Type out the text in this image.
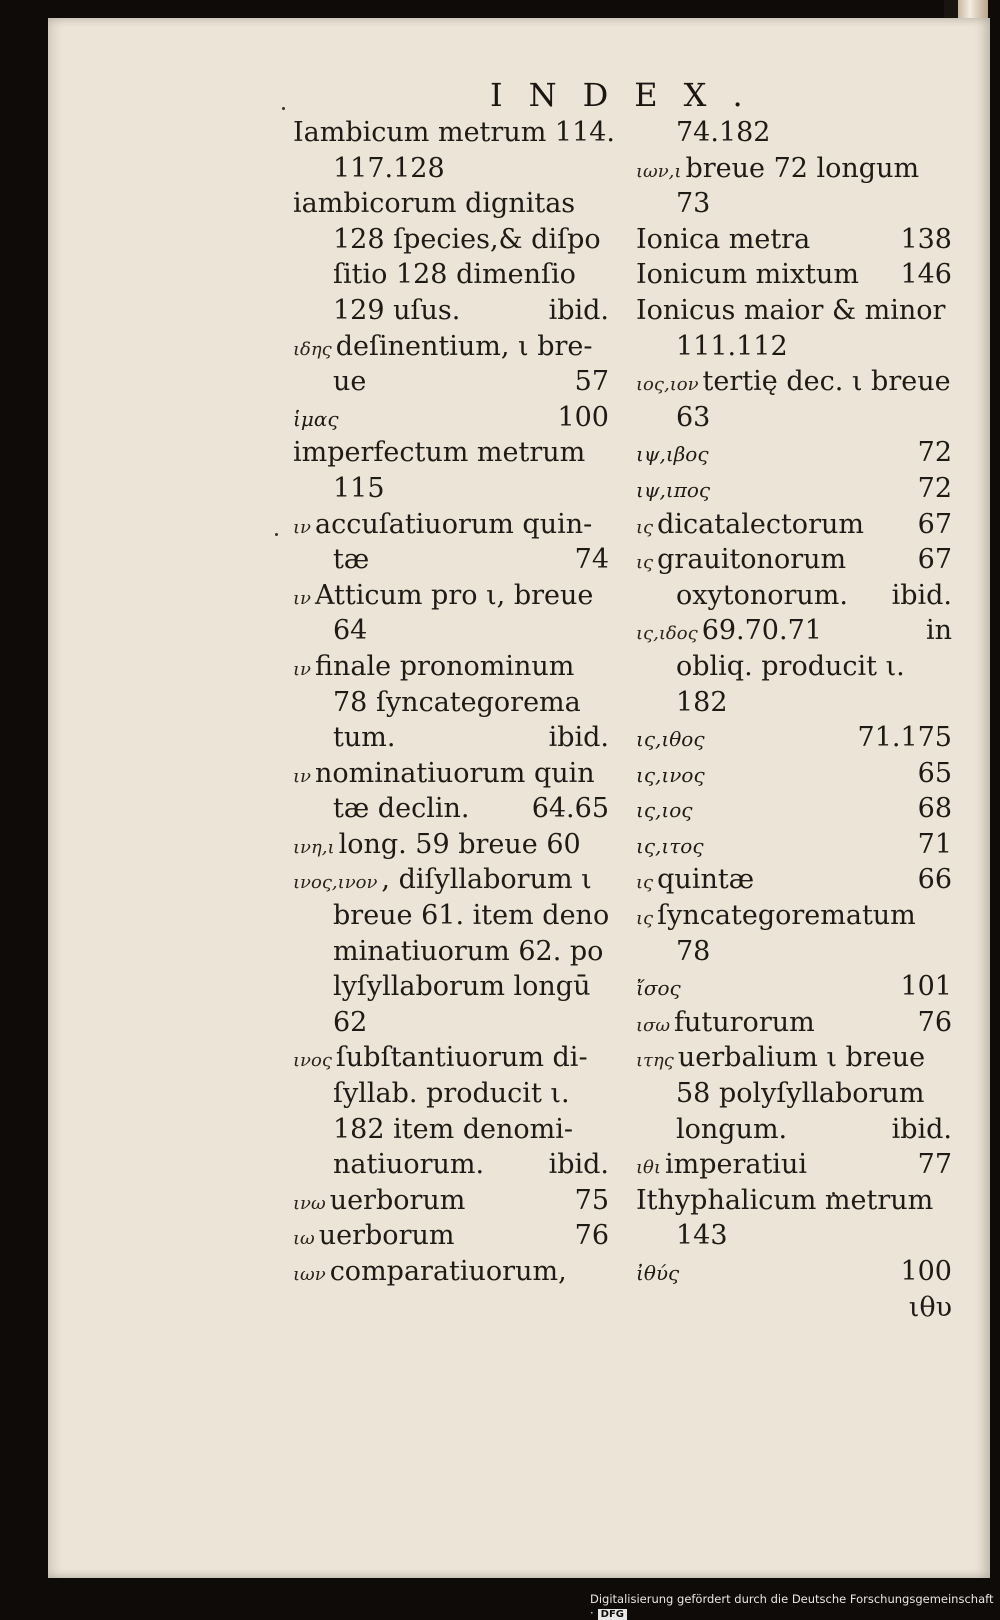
INDEX.
Iambicum metrum 114.
117.128
iambicorum dignitas
128 ſpecies,& diſpo
ſitio 128 dimenſio
129 uſus.	ibid.
ιδης deſinentium, ι bre-
ue	57
ἱμας	100
imperfectum metrum
115
ιν accuſatiuorum quin-
tæ	74
ιν Atticum pro ι, breue
64
ιν finale pronominum
78 ſyncategorema
tum.	ibid.
ιν nominatiuorum quin
tæ declin. 64.65
ινη,ι long. 59 breue 60
ινος,ινον , diſyllaborum ι
breue 61. item deno
minatiuorum 62. po
lyſyllaborum longū
62
ινος ſubſtantiuorum di-
ſyllab. producit ι.
182 item denomi-
natiuorum. ibid.
ινω uerborum	75
ιω uerborum	76
ιων comparatiuorum,
74.182
ιων,ι breue 72 longum
73
Ionica metra	138
Ionicum mixtum 146
Ionicus maior & minor
111.112
ιος,ιον tertię dec. ι breue
63
ιψ,ιβος	72
ιψ,ιπος	72
ις dicatalectorum 67
ις grauitonorum	67
oxytonorum. ibid.
ις,ιδος 69.70.71	in
obliq. producit ι.
182
ις,ιθος	71.175
ις,ινος	65
ις,ιος	68
ις,ιτος	71
ις quintæ	66
ις ſyncategorematum
78
ἴσος	101
ισω futurorum	76
ιτης uerbalium ι breue
58 polyſyllaborum
longum.	ibid.
ιθι imperatiui	77
Ithyphalicum metrum
143
ἰθύς	100
ιθυ
Digitalisierung gefördert durch die Deutsche Forschungsgemeinschaft · DFG
